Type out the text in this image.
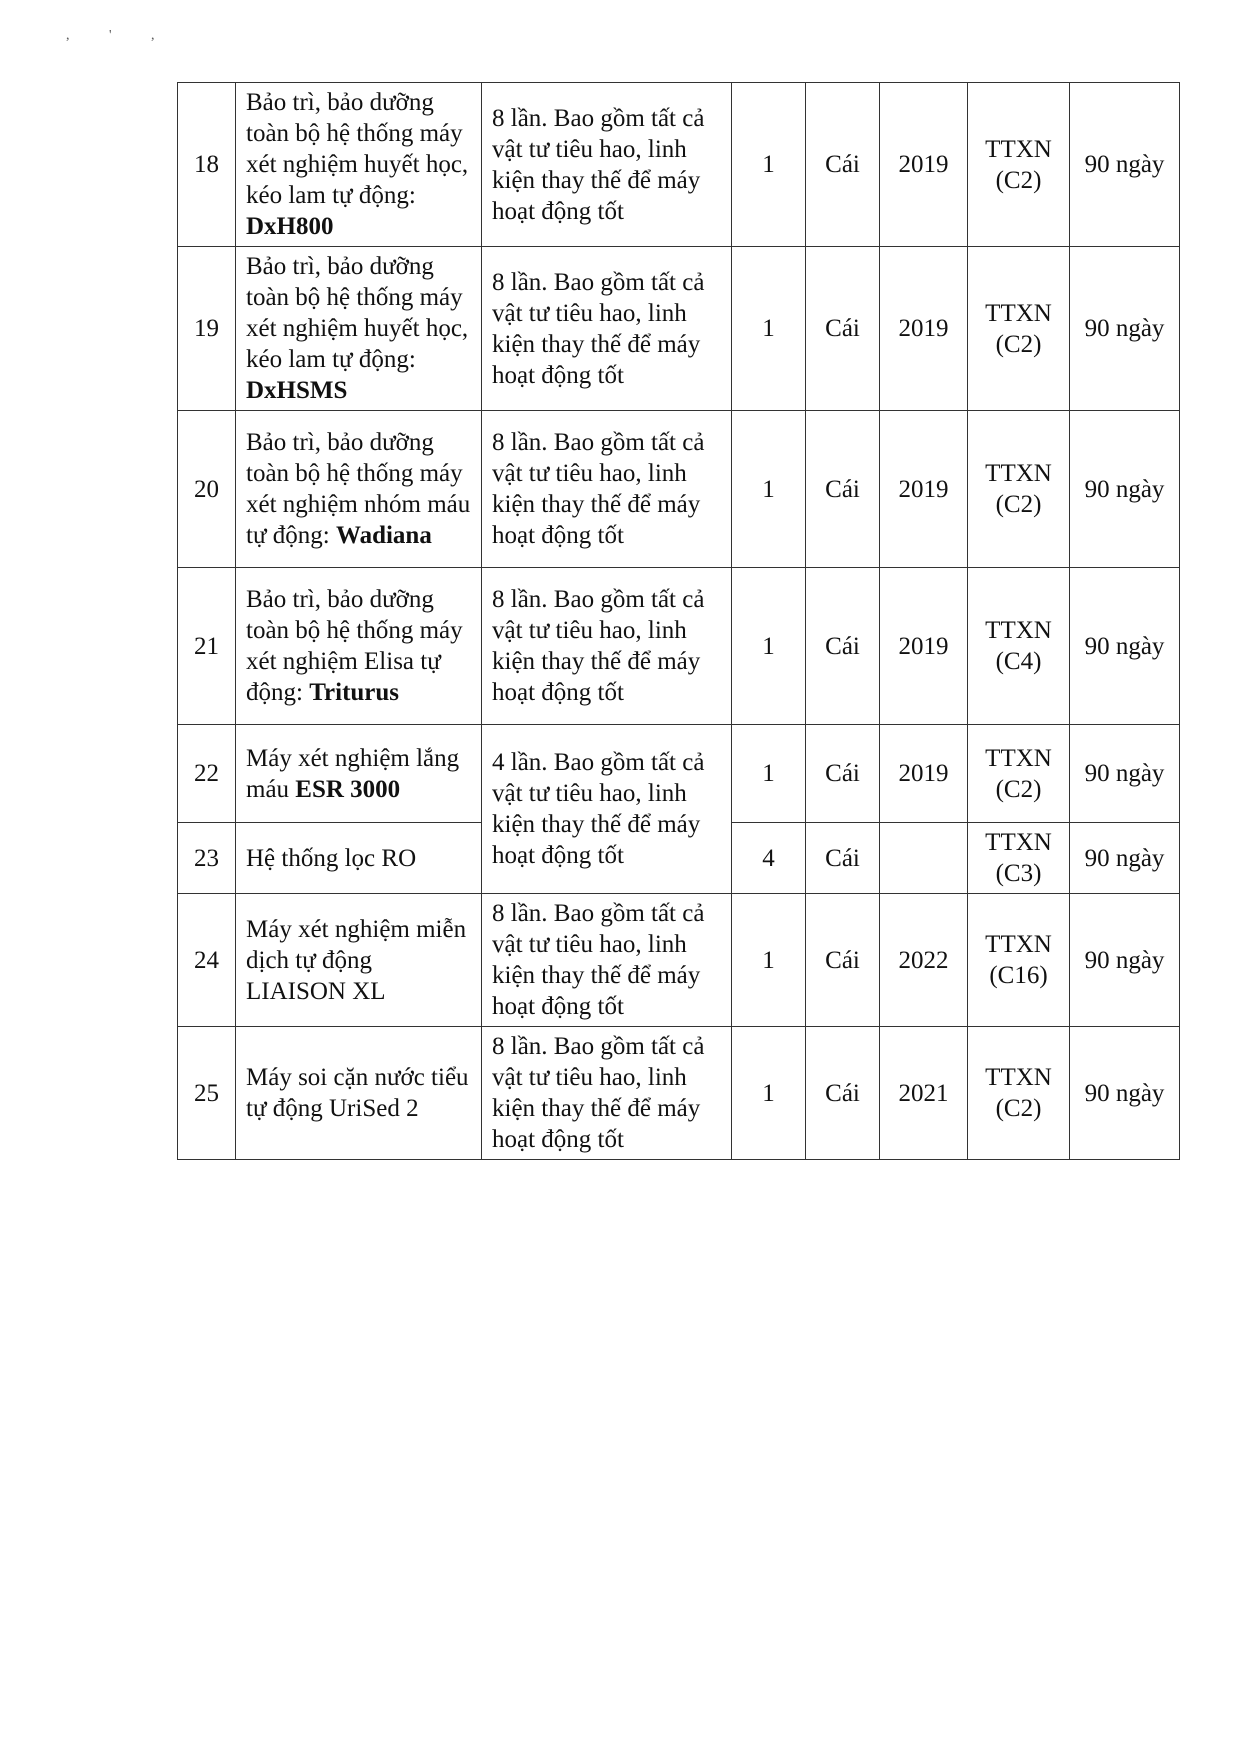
, ' ,
18	Bảo trì, bảo dưỡng toàn bộ hệ thống máy xét nghiệm huyết học, kéo lam tự động: DxH800	8 lần. Bao gồm tất cả vật tư tiêu hao, linh kiện thay thế để máy hoạt động tốt	1	Cái	2019	TTXN (C2)	90 ngày
19	Bảo trì, bảo dưỡng toàn bộ hệ thống máy xét nghiệm huyết học, kéo lam tự động: DxHSMS	8 lần. Bao gồm tất cả vật tư tiêu hao, linh kiện thay thế để máy hoạt động tốt	1	Cái	2019	TTXN (C2)	90 ngày
20	Bảo trì, bảo dưỡng toàn bộ hệ thống máy xét nghiệm nhóm máu tự động: Wadiana	8 lần. Bao gồm tất cả vật tư tiêu hao, linh kiện thay thế để máy hoạt động tốt	1	Cái	2019	TTXN (C2)	90 ngày
21	Bảo trì, bảo dưỡng toàn bộ hệ thống máy xét nghiệm Elisa tự động: Triturus	8 lần. Bao gồm tất cả vật tư tiêu hao, linh kiện thay thế để máy hoạt động tốt	1	Cái	2019	TTXN (C4)	90 ngày
22	Máy xét nghiệm lắng máu ESR 3000	4 lần. Bao gồm tất cả vật tư tiêu hao, linh kiện thay thế để máy hoạt động tốt	1	Cái	2019	TTXN (C2)	90 ngày
23	Hệ thống lọc RO		4	Cái		TTXN (C3)	90 ngày
24	Máy xét nghiệm miễn dịch tự động LIAISON XL	8 lần. Bao gồm tất cả vật tư tiêu hao, linh kiện thay thế để máy hoạt động tốt	1	Cái	2022	TTXN (C16)	90 ngày
25	Máy soi cặn nước tiểu tự động UriSed 2	8 lần. Bao gồm tất cả vật tư tiêu hao, linh kiện thay thế để máy hoạt động tốt	1	Cái	2021	TTXN (C2)	90 ngày
